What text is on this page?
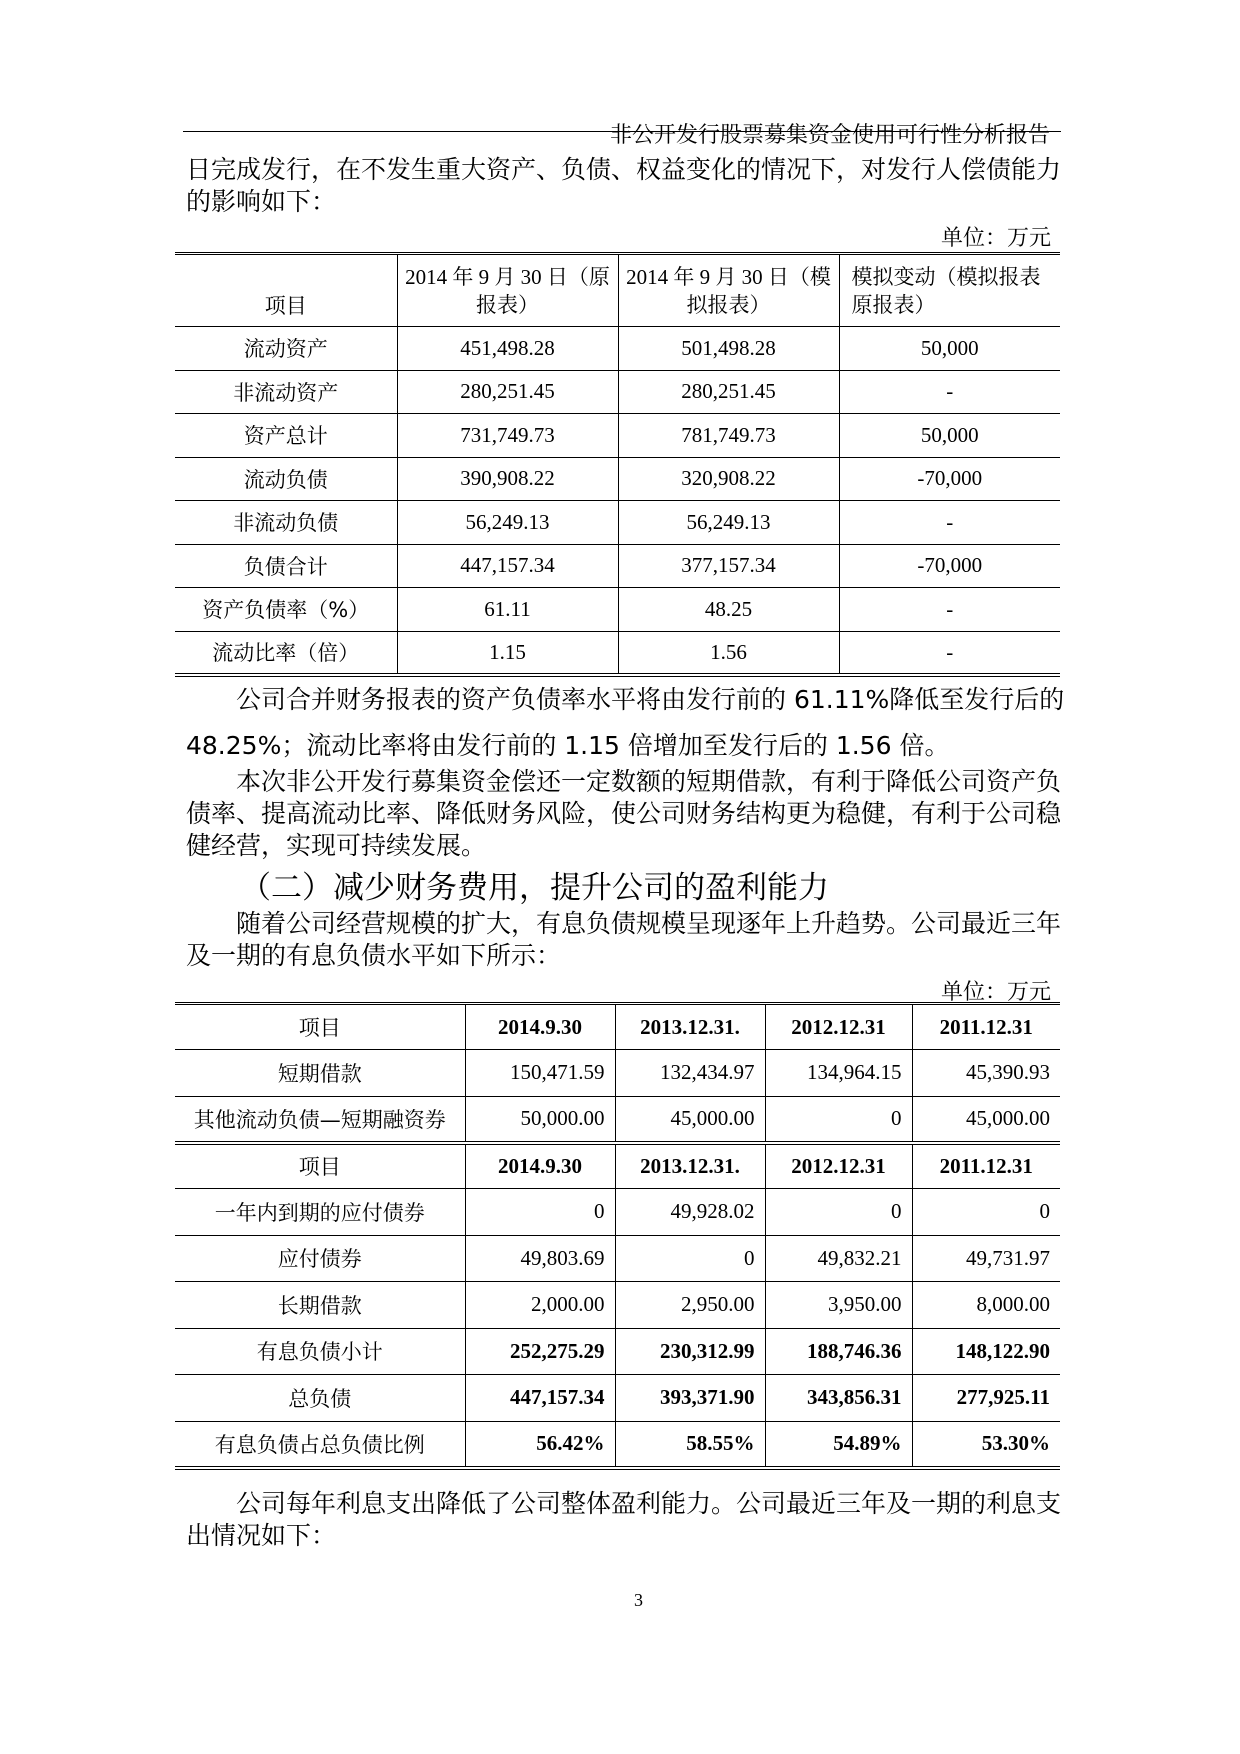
非公开发行股票募集资金使用可行性分析报告
日完成发行，在不发生重大资产、负债、权益变化的情况下，对发行人偿债能力的影响如下：
单位：万元
项目	2014 年 9 月 30 日（原报表）	2014 年 9 月 30 日（模拟报表）	模拟变动（模拟报表原报表）
流动资产	451,498.28	501,498.28	50,000
非流动资产	280,251.45	280,251.45	-
资产总计	731,749.73	781,749.73	50,000
流动负债	390,908.22	320,908.22	-70,000
非流动负债	56,249.13	56,249.13	-
负债合计	447,157.34	377,157.34	-70,000
资产负债率（%）	61.11	48.25	-
流动比率（倍）	1.15	1.56	-
公司合并财务报表的资产负债率水平将由发行前的 61.11%降低至发行后的
48.25%；流动比率将由发行前的 1.15 倍增加至发行后的 1.56 倍。
本次非公开发行募集资金偿还一定数额的短期借款，有利于降低公司资产负债率、提高流动比率、降低财务风险，使公司财务结构更为稳健，有利于公司稳健经营，实现可持续发展。
（二）减少财务费用，提升公司的盈利能力
随着公司经营规模的扩大，有息负债规模呈现逐年上升趋势。公司最近三年及一期的有息负债水平如下所示：
单位：万元
项目	2014.9.30	2013.12.31.	2012.12.31	2011.12.31
短期借款	150,471.59	132,434.97	134,964.15	45,390.93
其他流动负债—短期融资券	50,000.00	45,000.00	0	45,000.00
项目	2014.9.30	2013.12.31.	2012.12.31	2011.12.31
一年内到期的应付债券	0	49,928.02	0	0
应付债券	49,803.69	0	49,832.21	49,731.97
长期借款	2,000.00	2,950.00	3,950.00	8,000.00
有息负债小计	252,275.29	230,312.99	188,746.36	148,122.90
总负债	447,157.34	393,371.90	343,856.31	277,925.11
有息负债占总负债比例	56.42%	58.55%	54.89%	53.30%
公司每年利息支出降低了公司整体盈利能力。公司最近三年及一期的利息支出情况如下：
3
